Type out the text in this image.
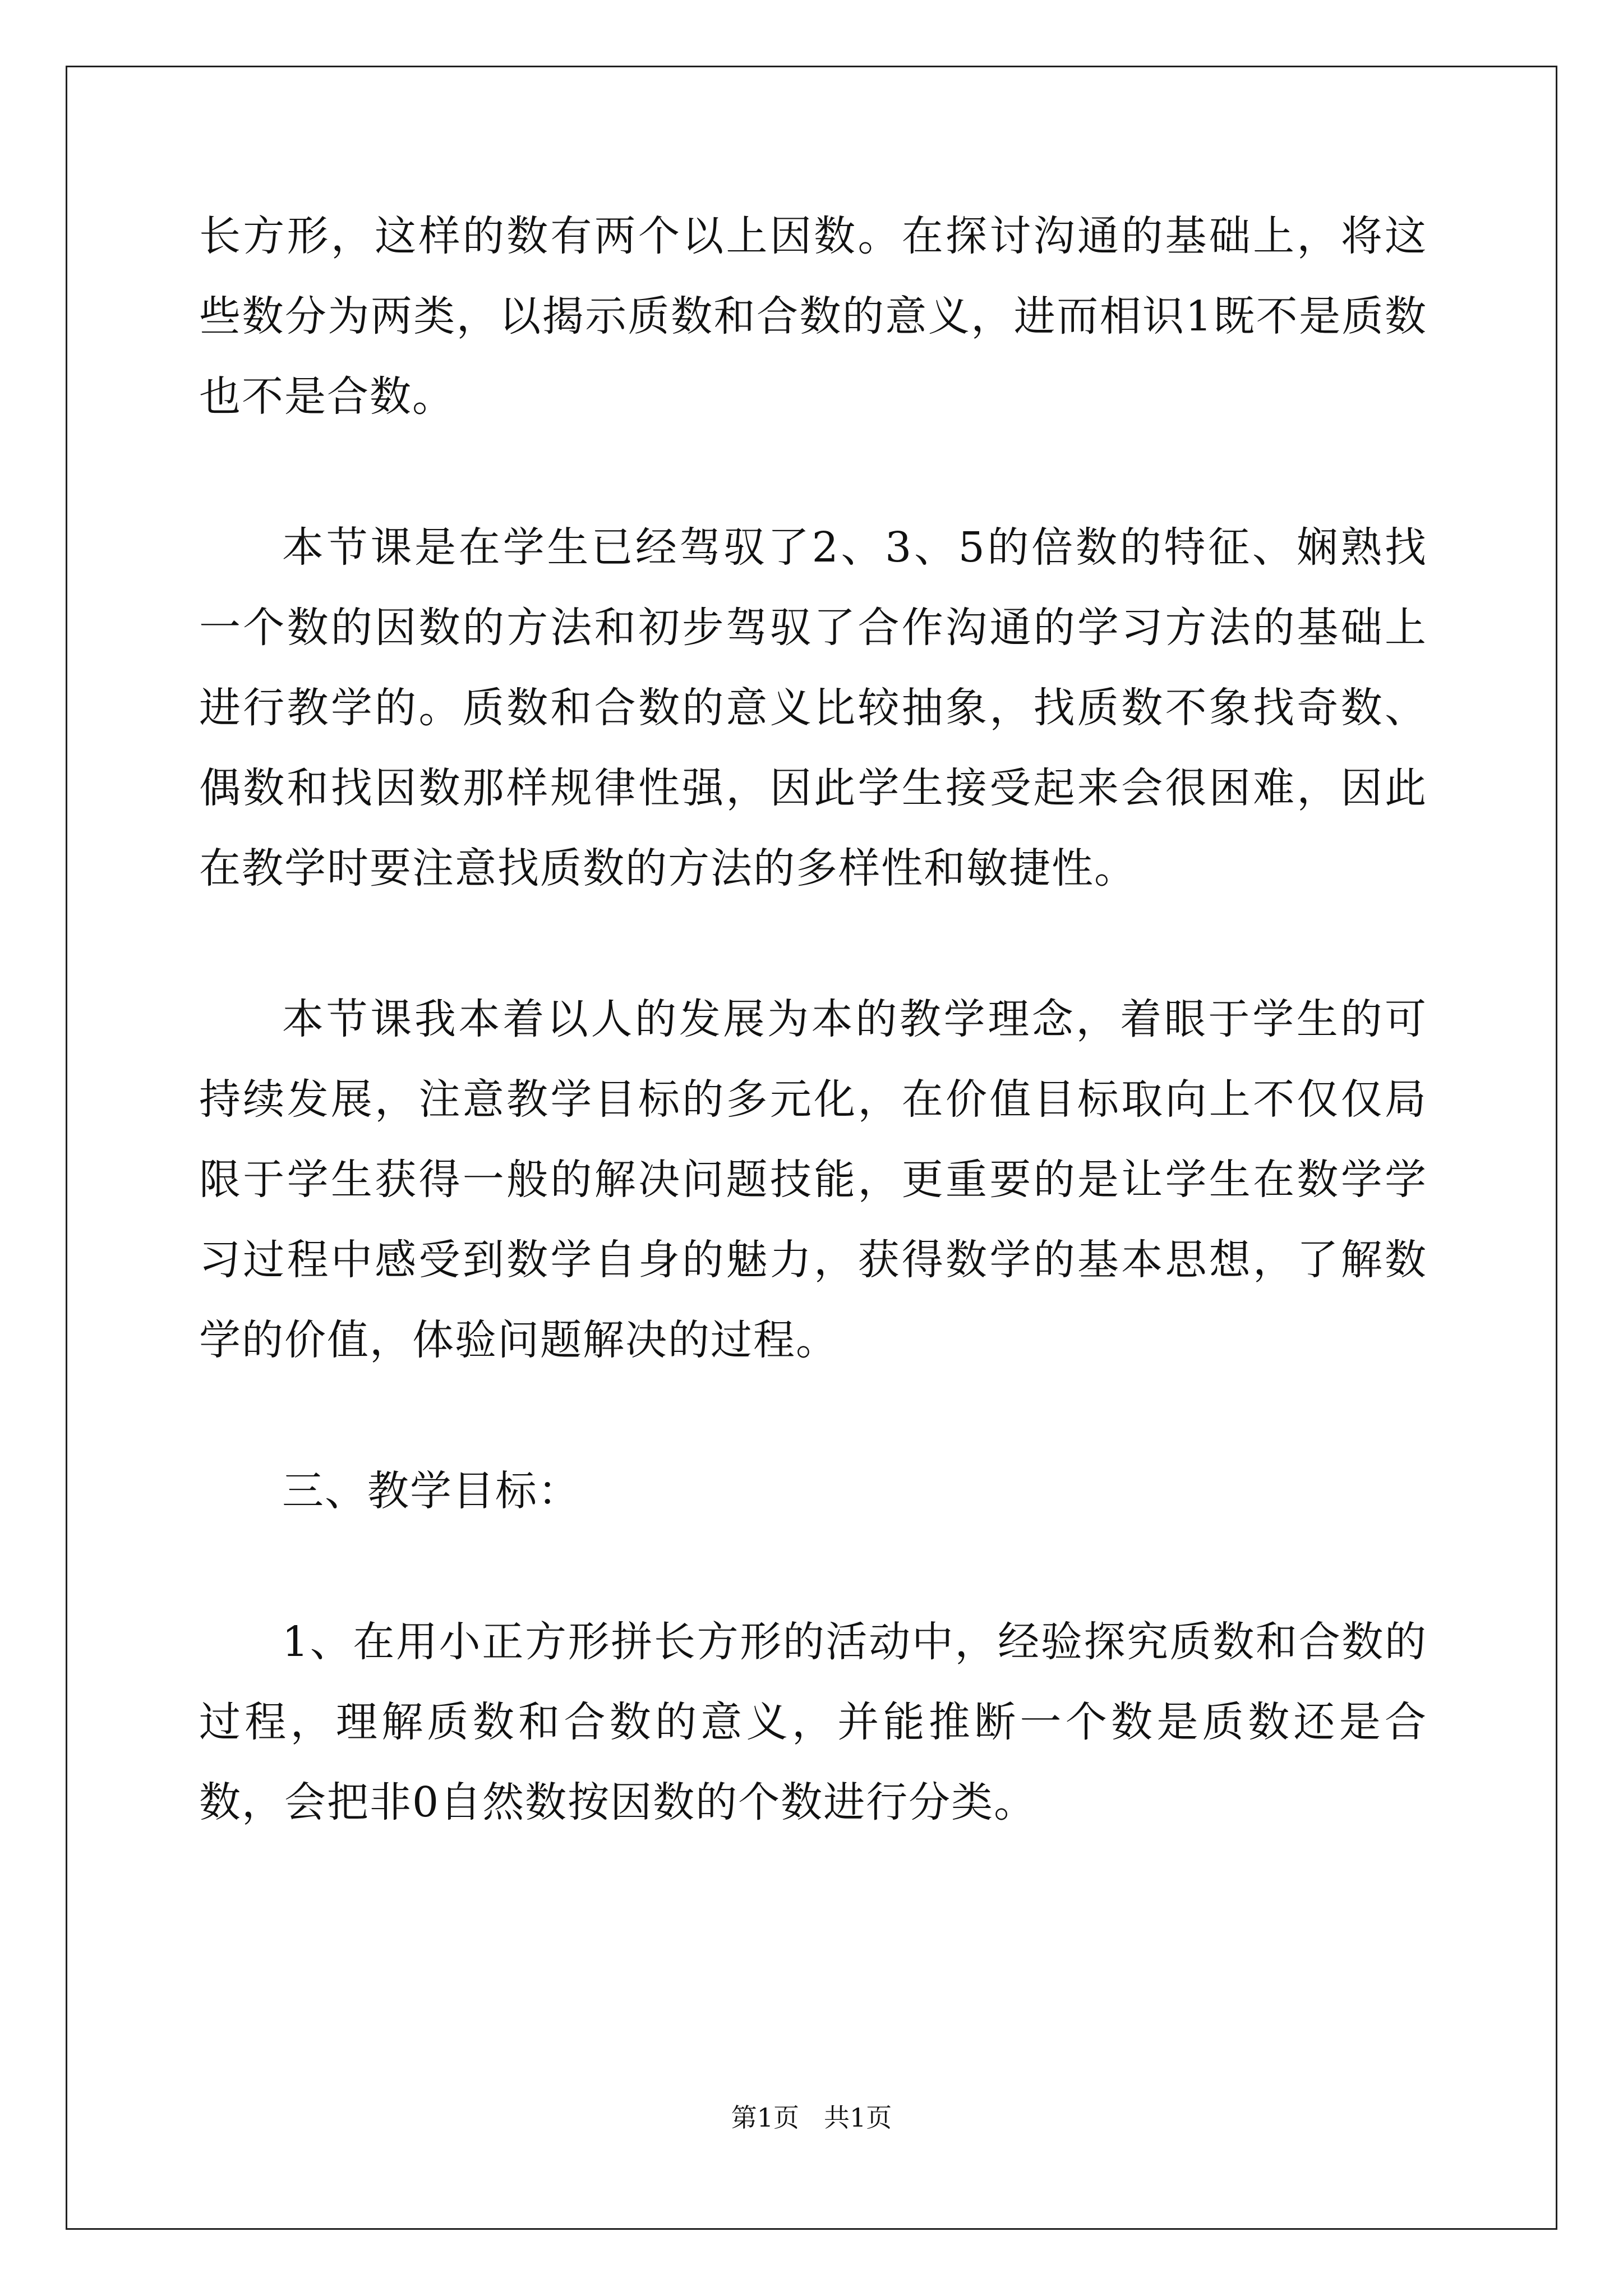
长方形，这样的数有两个以上因数。在探讨沟通的基础上，将这些数分为两类，以揭示质数和合数的意义，进而相识1既不是质数也不是合数。

本节课是在学生已经驾驭了2、3、5的倍数的特征、娴熟找一个数的因数的方法和初步驾驭了合作沟通的学习方法的基础上进行教学的。质数和合数的意义比较抽象，找质数不象找奇数、偶数和找因数那样规律性强，因此学生接受起来会很困难，因此在教学时要注意找质数的方法的多样性和敏捷性。

本节课我本着以人的发展为本的教学理念，着眼于学生的可持续发展，注意教学目标的多元化，在价值目标取向上不仅仅局限于学生获得一般的解决问题技能，更重要的是让学生在数学学习过程中感受到数学自身的魅力，获得数学的基本思想，了解数学的价值，体验问题解决的过程。

三、教学目标：

1、在用小正方形拼长方形的活动中，经验探究质数和合数的过程，理解质数和合数的意义，并能推断一个数是质数还是合数，会把非0自然数按因数的个数进行分类。

第1页 共1页
